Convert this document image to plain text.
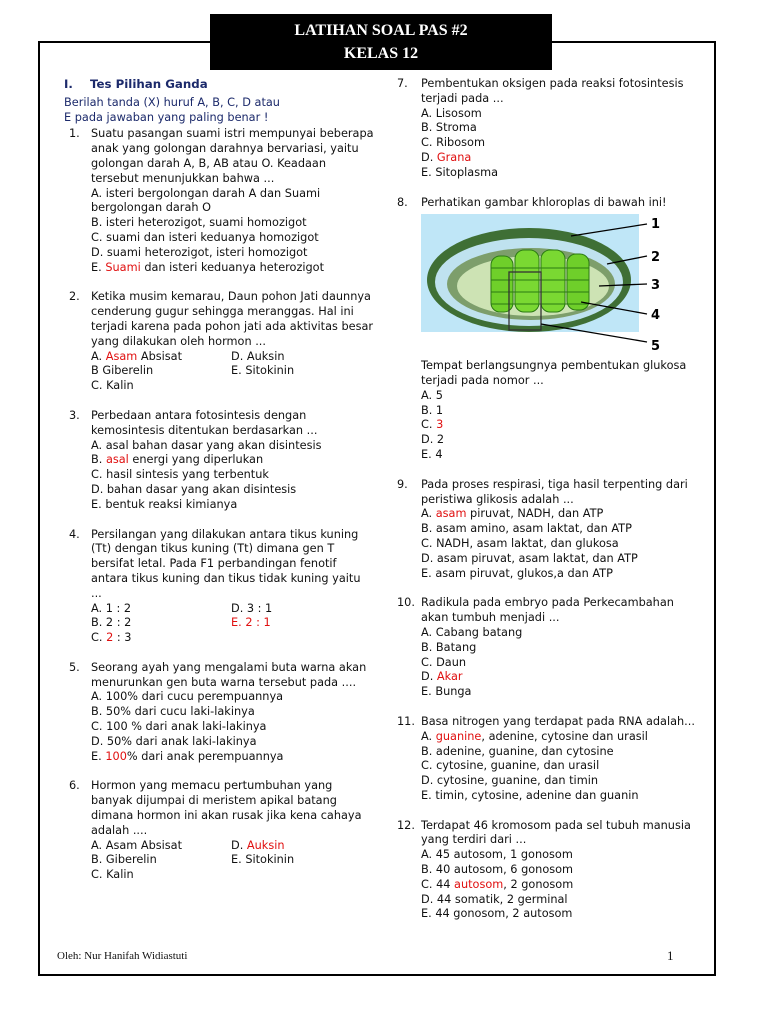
LATIHAN SOAL PAS #2
KELAS 12
I. Tes Pilihan Ganda
Berilah tanda (X) huruf A, B, C, D atau
E pada jawaban yang paling benar !
1. Suatu pasangan suami istri mempunyai beberapa anak yang golongan darahnya bervariasi, yaitu golongan darah A, B, AB atau O. Keadaan tersebut menunjukkan bahwa ...
A. isteri bergolongan darah A dan Suami bergolongan darah O
B. isteri heterozigot, suami homozigot
C. suami dan isteri keduanya homozigot
D. suami heterozigot, isteri homozigot
E. Suami dan isteri keduanya heterozigot
2. Ketika musim kemarau, Daun pohon Jati daunnya cenderung gugur sehingga meranggas. Hal ini terjadi karena pada pohon jati ada aktivitas besar yang dilakukan oleh hormon ...
A. Asam Absisat	D. Auksin
B Giberelin	E. Sitokinin
C. Kalin
3. Perbedaan antara fotosintesis dengan kemosintesis ditentukan berdasarkan ...
A. asal bahan dasar yang akan disintesis
B. asal energi yang diperlukan
C. hasil sintesis yang terbentuk
D. bahan dasar yang akan disintesis
E. bentuk reaksi kimianya
4. Persilangan yang dilakukan antara tikus kuning (Tt) dengan tikus kuning (Tt) dimana gen T bersifat letal. Pada F1 perbandingan fenotif antara tikus kuning dan tikus tidak kuning yaitu ...
A. 1 : 2	D. 3 : 1
B. 2 : 2	E. 2 : 1
C. 2 : 3
5. Seorang ayah yang mengalami buta warna akan menurunkan gen buta warna tersebut pada ....
A. 100% dari cucu perempuannya
B. 50% dari cucu laki-lakinya
C. 100 % dari anak laki-lakinya
D. 50% dari anak laki-lakinya
E. 100% dari anak perempuannya
6. Hormon yang memacu pertumbuhan yang banyak dijumpai di meristem apikal batang dimana hormon ini akan rusak jika kena cahaya adalah ....
A. Asam Absisat	D. Auksin
B. Giberelin	E. Sitokinin
C. Kalin
7. Pembentukan oksigen pada reaksi fotosintesis terjadi pada ...
A. Lisosom
B. Stroma
C. Ribosom
D. Grana
E. Sitoplasma
8. Perhatikan gambar khloroplas di bawah ini!
1
2
3
4
5
Tempat berlangsungnya pembentukan glukosa terjadi pada nomor ...
A. 5
B. 1
C. 3
D. 2
E. 4
9. Pada proses respirasi, tiga hasil terpenting dari peristiwa glikosis adalah ...
A. asam piruvat, NADH, dan ATP
B. asam amino, asam laktat, dan ATP
C. NADH, asam laktat, dan glukosa
D. asam piruvat, asam laktat, dan ATP
E. asam piruvat, glukos,a dan ATP
10. Radikula pada embryo pada Perkecambahan akan tumbuh menjadi ...
A. Cabang batang
B. Batang
C. Daun
D. Akar
E. Bunga
11. Basa nitrogen yang terdapat pada RNA adalah...
A. guanine, adenine, cytosine dan urasil
B. adenine, guanine, dan cytosine
C. cytosine, guanine, dan urasil
D. cytosine, guanine, dan timin
E. timin, cytosine, adenine dan guanin
12. Terdapat 46 kromosom pada sel tubuh manusia yang terdiri dari ...
A. 45 autosom, 1 gonosom
B. 40 autosom, 6 gonosom
C. 44 autosom, 2 gonosom
D. 44 somatik, 2 germinal
E. 44 gonosom, 2 autosom
Oleh: Nur Hanifah Widiastuti	1
